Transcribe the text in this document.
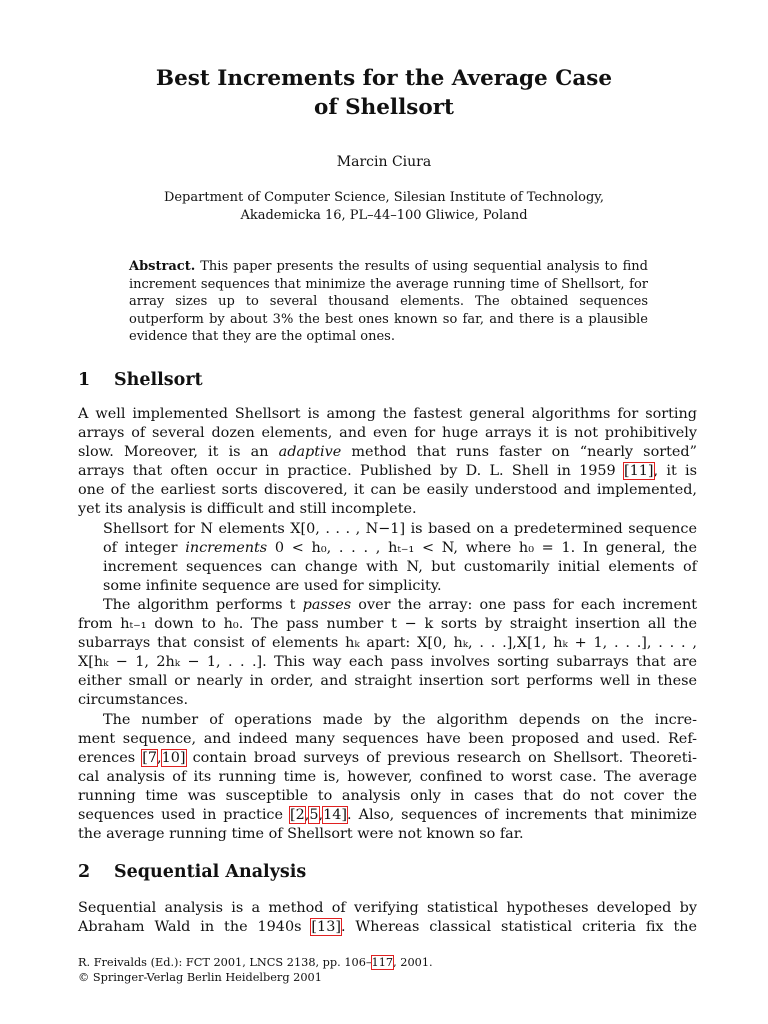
Best Increments for the Average Case
of Shellsort
Marcin Ciura
Department of Computer Science, Silesian Institute of Technology,
Akademicka 16, PL–44–100 Gliwice, Poland
Abstract. This paper presents the results of using sequential analysis to find increment sequences that minimize the average running time of Shellsort, for array sizes up to several thousand elements. The obtained sequences outperform by about 3% the best ones known so far, and there is a plausible evidence that they are the optimal ones.
1 Shellsort

A well implemented Shellsort is among the fastest general algorithms for sorting
arrays of several dozen elements, and even for huge arrays it is not prohibitively
slow. Moreover, it is an adaptive method that runs faster on “nearly sorted”
arrays that often occur in practice. Published by D. L. Shell in 1959 [11], it is
one of the earliest sorts discovered, it can be easily understood and implemented,
yet its analysis is difficult and still incomplete.

Shellsort for N elements X[0, . . . , N−1] is based on a predetermined sequence
of integer increments 0 < h₀, . . . , hₜ₋₁ < N, where h₀ = 1. In general, the
increment sequences can change with N, but customarily initial elements of
some infinite sequence are used for simplicity.

The algorithm performs t passes over the array: one pass for each increment
from hₜ₋₁ down to h₀. The pass number t − k sorts by straight insertion all the
subarrays that consist of elements hₖ apart: X[0, hₖ, . . .],X[1, hₖ + 1, . . .], . . . ,
X[hₖ − 1, 2hₖ − 1, . . .]. This way each pass involves sorting subarrays that are
either small or nearly in order, and straight insertion sort performs well in these
circumstances.

The number of operations made by the algorithm depends on the incre-
ment sequence, and indeed many sequences have been proposed and used. Ref-
erences [7,10] contain broad surveys of previous research on Shellsort. Theoreti-
cal analysis of its running time is, however, confined to worst case. The average
running time was susceptible to analysis only in cases that do not cover the
sequences used in practice [2,5,14]. Also, sequences of increments that minimize
the average running time of Shellsort were not known so far.

2 Sequential Analysis

Sequential analysis is a method of verifying statistical hypotheses developed by
Abraham Wald in the 1940s [13]. Whereas classical statistical criteria fix the

R. Freivalds (Ed.): FCT 2001, LNCS 2138, pp. 106–117, 2001.
© Springer-Verlag Berlin Heidelberg 2001
